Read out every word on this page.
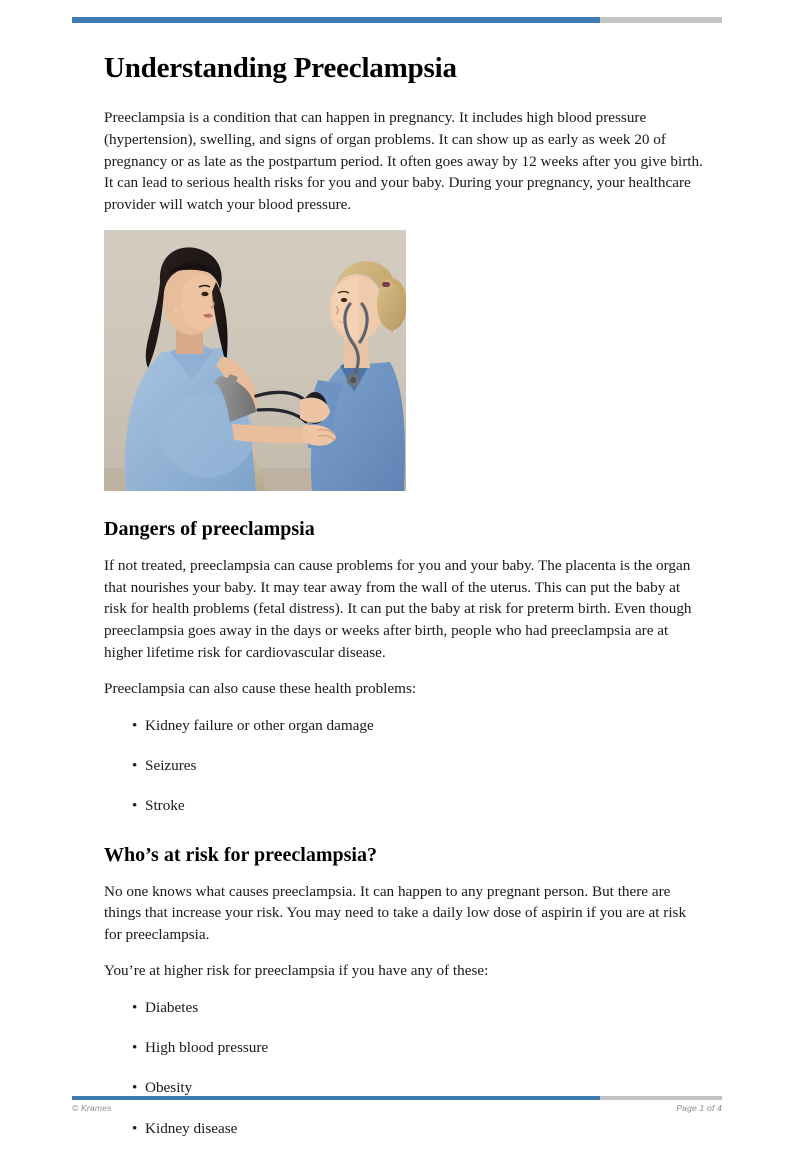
Understanding Preeclampsia

Preeclampsia is a condition that can happen in pregnancy. It includes high blood pressure (hypertension), swelling, and signs of organ problems. It can show up as early as week 20 of pregnancy or as late as the postpartum period. It often goes away by 12 weeks after you give birth. It can lead to serious health risks for you and your baby. During your pregnancy, your healthcare provider will watch your blood pressure.

Dangers of preeclampsia

If not treated, preeclampsia can cause problems for you and your baby. The placenta is the organ that nourishes your baby. It may tear away from the wall of the uterus. This can put the baby at risk for health problems (fetal distress). It can put the baby at risk for preterm birth. Even though preeclampsia goes away in the days or weeks after birth, people who had preeclampsia are at higher lifetime risk for cardiovascular disease.

Preeclampsia can also cause these health problems:

• Kidney failure or other organ damage
• Seizures
• Stroke
Who’s at risk for preeclampsia?

No one knows what causes preeclampsia. It can happen to any pregnant person. But there are things that increase your risk. You may need to take a daily low dose of aspirin if you are at risk for preeclampsia.

You’re at higher risk for preeclampsia if you have any of these:

• Diabetes
• High blood pressure
• Obesity
• Kidney disease
© Krames	Page 1 of 4
